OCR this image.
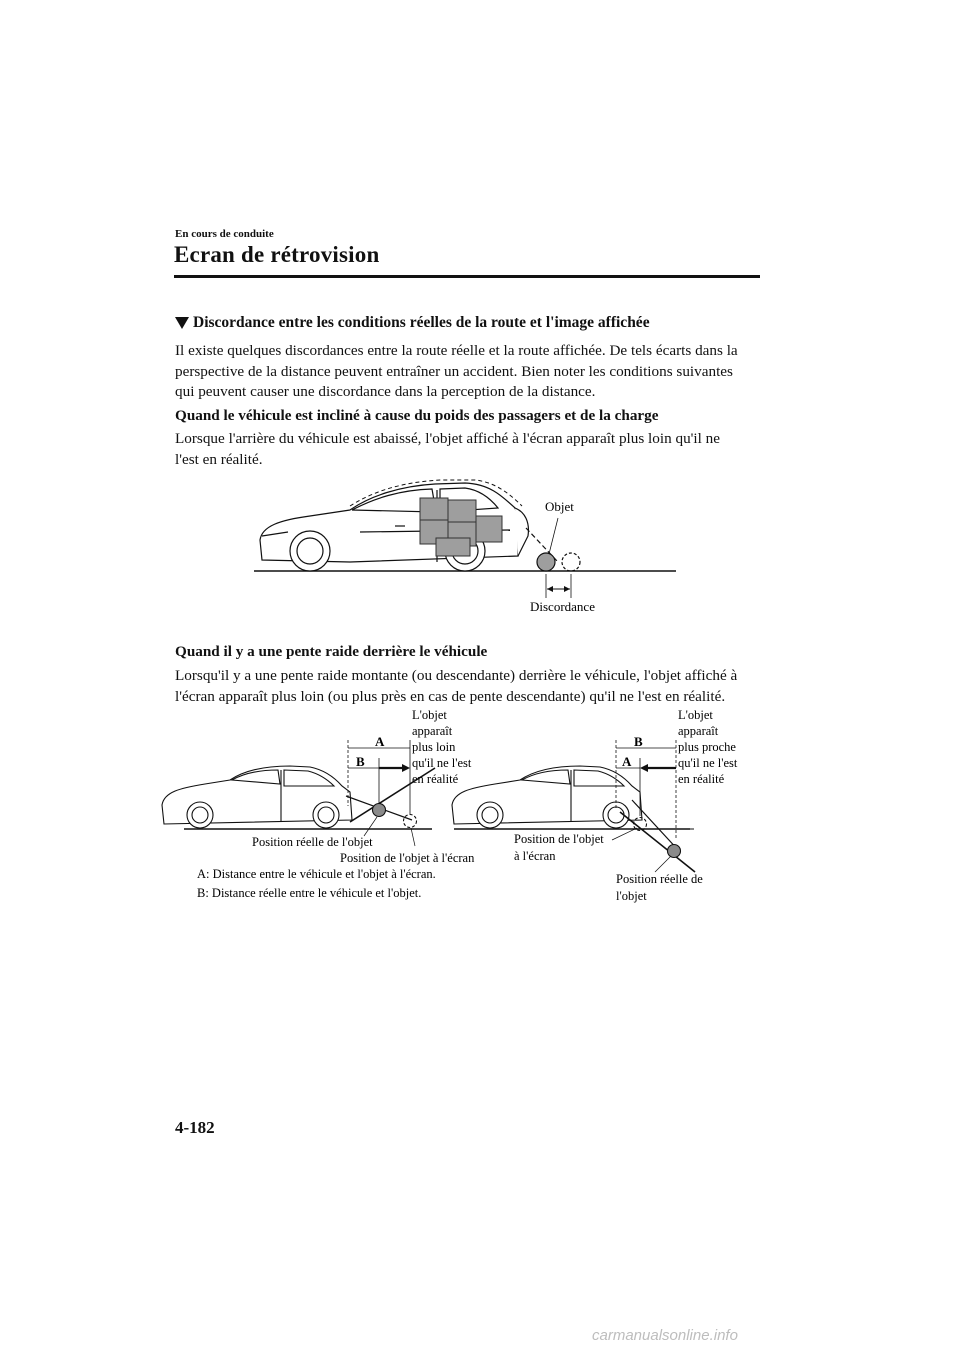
En cours de conduite
Ecran de rétrovision
Discordance entre les conditions réelles de la route et l'image affichée
Il existe quelques discordances entre la route réelle et la route affichée. De tels écarts dans la
perspective de la distance peuvent entraîner un accident. Bien noter les conditions suivantes
qui peuvent causer une discordance dans la perception de la distance.
Quand le véhicule est incliné à cause du poids des passagers et de la charge
Lorsque l'arrière du véhicule est abaissé, l'objet affiché à l'écran apparaît plus loin qu'il ne
l'est en réalité.
Objet
Discordance
Quand il y a une pente raide derrière le véhicule
Lorsqu'il y a une pente raide montante (ou descendante) derrière le véhicule, l'objet affiché à
l'écran apparaît plus loin (ou plus près en cas de pente descendante) qu'il ne l'est en réalité.
A
B
L'objet apparaît plus loin qu'il ne l'est en réalité
Position réelle de l'objet
Position de l'objet à l'écran
B
A
L'objet apparaît plus proche qu'il ne l'est en réalité
Position de l'objet à l'écran
Position réelle de l'objet
A: Distance entre le véhicule et l'objet à l'écran.
B: Distance réelle entre le véhicule et l'objet.
4-182
carmanualsonline.info
